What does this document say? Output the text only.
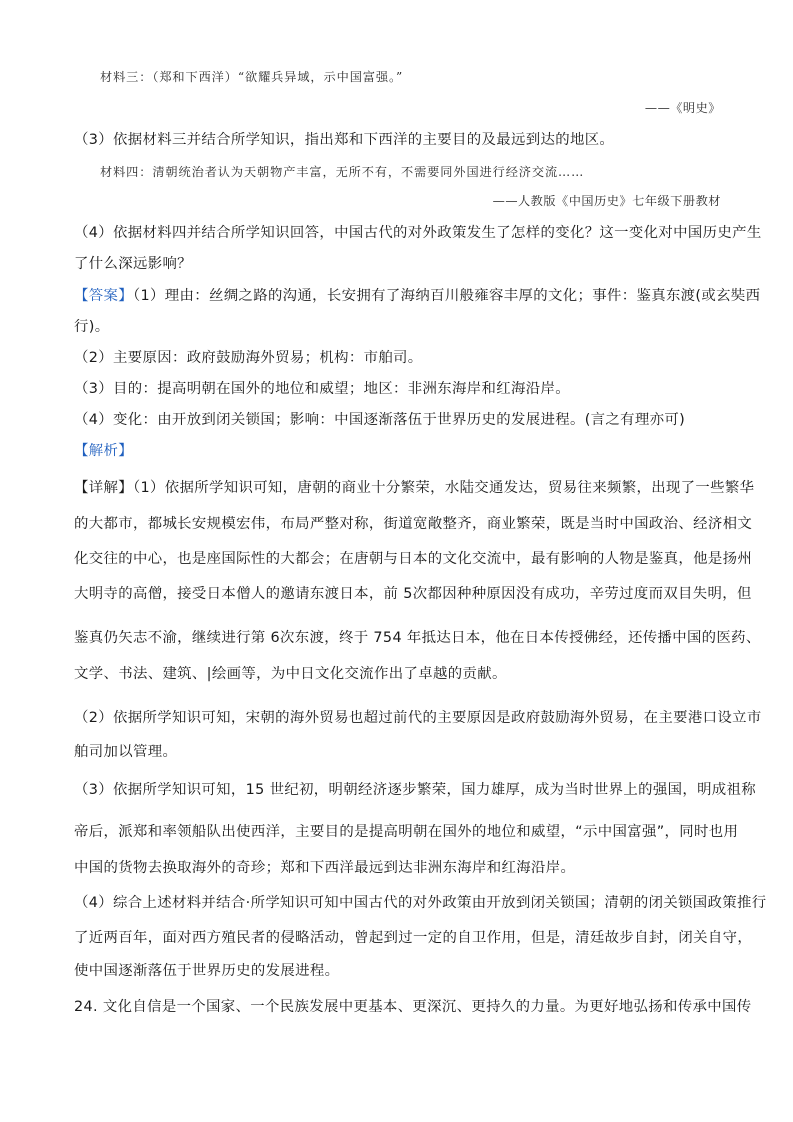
材料三：（郑和下西洋）“欲耀兵异域，示中国富强。”
——《明史》
（3）依据材料三并结合所学知识，指出郑和下西洋的主要目的及最远到达的地区。
材料四：清朝统治者认为天朝物产丰富，无所不有，不需要同外国进行经济交流……
——人教版《中国历史》七年级下册教材
（4）依据材料四并结合所学知识回答，中国古代的对外政策发生了怎样的变化？这一变化对中国历史产生
了什么深远影响？
【答案】（1）理由：丝绸之路的沟通，长安拥有了海纳百川般雍容丰厚的文化；事件：鉴真东渡(或玄奘西
行)。
（2）主要原因：政府鼓励海外贸易；机构：市舶司。
（3）目的：提高明朝在国外的地位和威望；地区：非洲东海岸和红海沿岸。
（4）变化：由开放到闭关锁国；影响：中国逐渐落伍于世界历史的发展进程。(言之有理亦可)
【解析】
【详解】（1）依据所学知识可知，唐朝的商业十分繁荣，水陆交通发达，贸易往来频繁，出现了一些繁华
的大都市，都城长安规模宏伟，布局严整对称，街道宽敞整齐，商业繁荣，既是当时中国政治、经济相文
化交往的中心，也是座国际性的大都会；在唐朝与日本的文化交流中，最有影响的人物是鉴真，他是扬州
大明寺的高僧，接受日本僧人的邀请东渡日本，前 5次都因种种原因没有成功，辛劳过度而双目失明，但
鉴真仍矢志不渝，继续进行第 6次东渡，终于 754 年抵达日本，他在日本传授佛经，还传播中国的医药、
文学、书法、建筑、|绘画等，为中日文化交流作出了卓越的贡献。
（2）依据所学知识可知，宋朝的海外贸易也超过前代的主要原因是政府鼓励海外贸易，在主要港口设立市
舶司加以管理。
（3）依据所学知识可知，15 世纪初，明朝经济逐步繁荣，国力雄厚，成为当时世界上的强国，明成祖称
帝后，派郑和率领船队出使西洋，主要目的是提高明朝在国外的地位和威望，“示中国富强”，同时也用
中国的货物去换取海外的奇珍；郑和下西洋最远到达非洲东海岸和红海沿岸。
（4）综合上述材料并结合·所学知识可知中国古代的对外政策由开放到闭关锁国；清朝的闭关锁国政策推行
了近两百年，面对西方殖民者的侵略活动，曾起到过一定的自卫作用，但是，清廷故步自封，闭关自守，
使中国逐渐落伍于世界历史的发展进程。
24. 文化自信是一个国家、一个民族发展中更基本、更深沉、更持久的力量。为更好地弘扬和传承中国传
